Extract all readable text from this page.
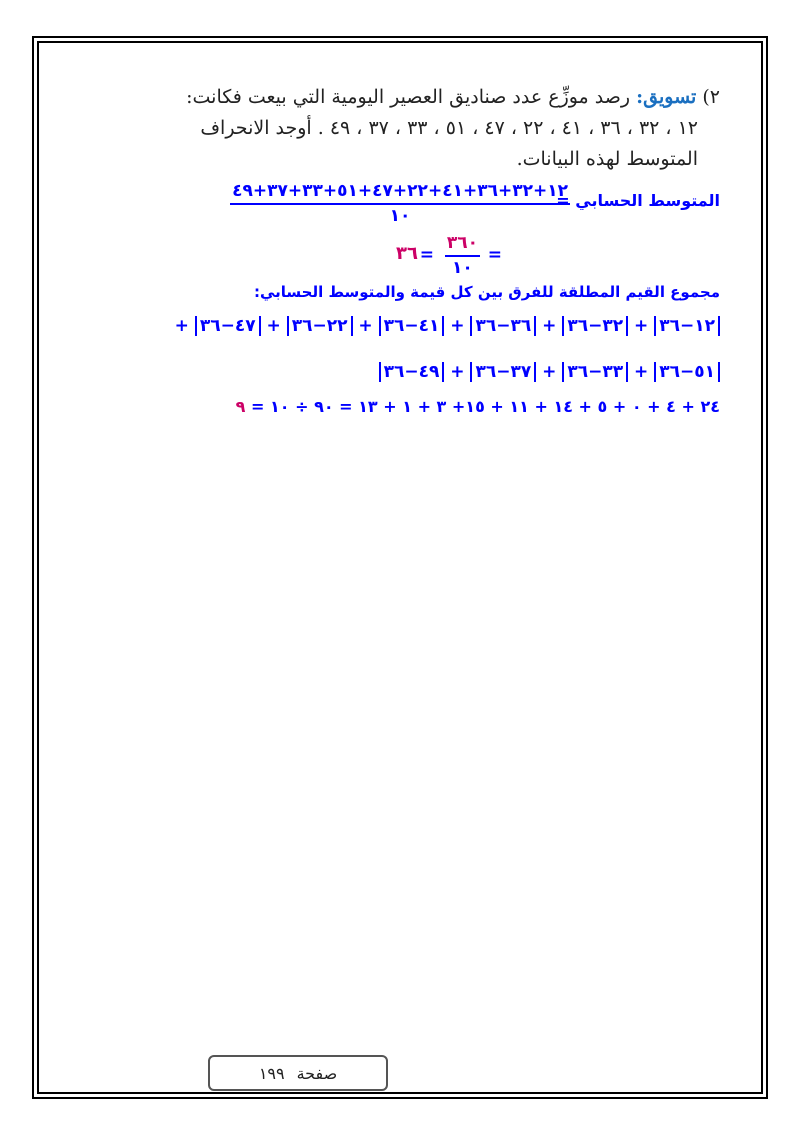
٢) تسويق: رصد موزِّع عدد صناديق العصير اليومية التي بيعت فكانت:
١٢ ، ٣٢ ، ٣٦ ، ٤١ ، ٢٢ ، ٤٧ ، ٥١ ، ٣٣ ، ٣٧ ، ٤٩ . أوجد الانحراف
المتوسط لهذه البيانات.
المتوسط الحسابي =
١٢+٣٢+٣٦+٤١+٢٢+٤٧+٥١+٣٣+٣٧+٤٩
١٠
=
٣٦٠
١٠
=
٣٦
مجموع القيم المطلقة للفرق بين كل قيمة والمتوسط الحسابي:
١٢−٣٦ + ٣٢−٣٦ + ٣٦−٣٦ + ٤١−٣٦ + ٢٢−٣٦ + ٤٧−٣٦ +
٥١−٣٦ + ٣٣−٣٦ + ٣٧−٣٦ + ٤٩−٣٦
٢٤ + ٤ + ٠ + ٥ + ١٤ + ١١ + ١٥+ ٣ + ١ + ١٣ = ٩٠ ÷ ١٠ = ٩
صفحة
١٩٩
